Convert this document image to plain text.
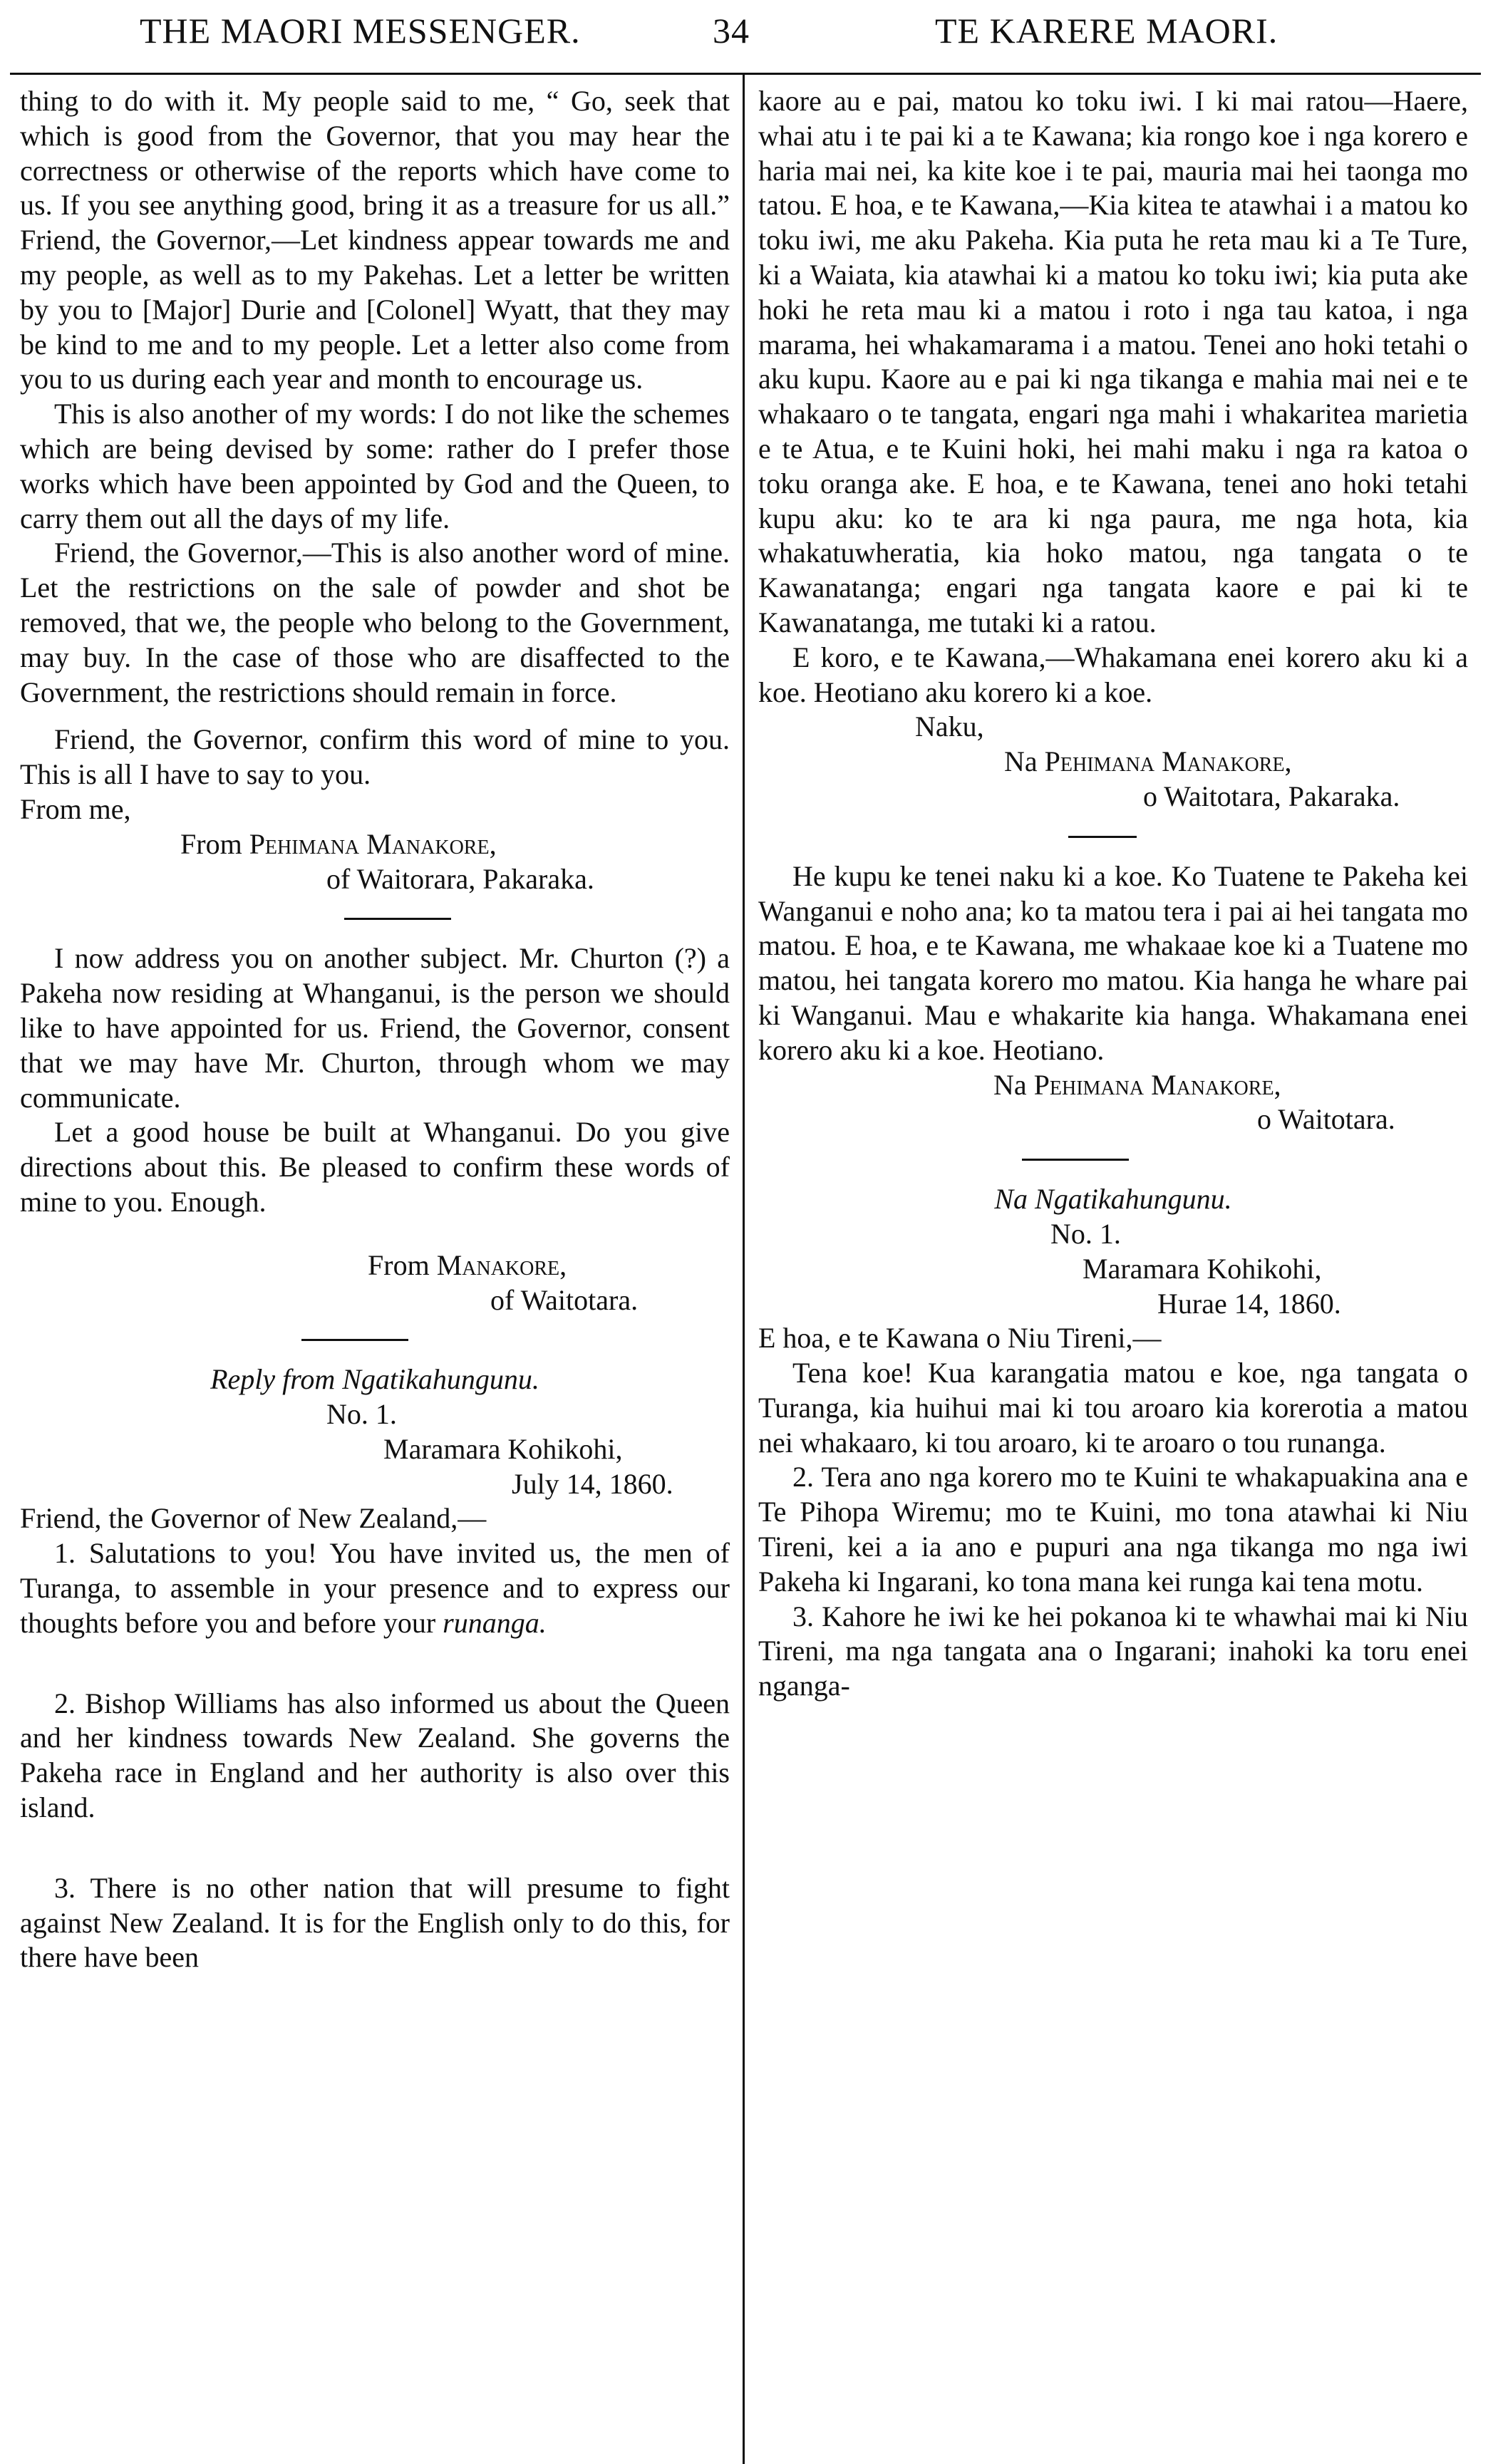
THE MAORI MESSENGER.	34	TE KARERE MAORI.

thing to do with it. My people said to me, “ Go, seek that which is good from the Governor, that you may hear the correctness or otherwise of the reports which have come to us. If you see anything good, bring it as a treasure for us all.” Friend, the Governor,—Let kindness appear towards me and my people, as well as to my Pakehas. Let a letter be written by you to [Major] Durie and [Colonel] Wyatt, that they may be kind to me and to my people. Let a letter also come from you to us during each year and month to encourage us.

This is also another of my words: I do not like the schemes which are being devised by some: rather do I prefer those works which have been appointed by God and the Queen, to carry them out all the days of my life.

Friend, the Governor,—This is also another word of mine. Let the restrictions on the sale of powder and shot be removed, that we, the people who belong to the Government, may buy. In the case of those who are disaffected to the Government, the restrictions should remain in force.

Friend, the Governor, confirm this word of mine to you. This is all I have to say to you.

From me,
From Pehimana Manakore,
of Waitorara, Pakaraka.

I now address you on another subject. Mr. Churton (?) a Pakeha now residing at Whanganui, is the person we should like to have appointed for us. Friend, the Governor, consent that we may have Mr. Churton, through whom we may communicate.

Let a good house be built at Whanganui. Do you give directions about this. Be pleased to confirm these words of mine to you. Enough.

From Manakore,
of Waitotara.
Reply from Ngatikahungunu.
No. 1.
Maramara Kohikohi,
July 14, 1860.
Friend, the Governor of New Zealand,—

1. Salutations to you! You have invited us, the men of Turanga, to assemble in your presence and to express our thoughts before you and before your runanga.

2. Bishop Williams has also informed us about the Queen and her kindness towards New Zealand. She governs the Pakeha race in England and her authority is also over this island.

3. There is no other nation that will presume to fight against New Zealand. It is for the English only to do this, for there have been

kaore au e pai, matou ko toku iwi. I ki mai ratou—Haere, whai atu i te pai ki a te Kawana; kia rongo koe i nga korero e haria mai nei, ka kite koe i te pai, mauria mai hei taonga mo tatou. E hoa, e te Kawana,—Kia kitea te atawhai i a matou ko toku iwi, me aku Pakeha. Kia puta he reta mau ki a Te Ture, ki a Waiata, kia atawhai ki a matou ko toku iwi; kia puta ake hoki he reta mau ki a matou i roto i nga tau katoa, i nga marama, hei whakamarama i a matou. Tenei ano hoki tetahi o aku kupu. Kaore au e pai ki nga tikanga e mahia mai nei e te whakaaro o te tangata, engari nga mahi i whakaritea marietia e te Atua, e te Kuini hoki, hei mahi maku i nga ra katoa o toku oranga ake. E hoa, e te Kawana, tenei ano hoki tetahi kupu aku: ko te ara ki nga paura, me nga hota, kia whakatuwheratia, kia hoko matou, nga tangata o te Kawanatanga; engari nga tangata kaore e pai ki te Kawanatanga, me tutaki ki a ratou.

E koro, e te Kawana,—Whakamana enei korero aku ki a koe. Heotiano aku korero ki a koe.

Naku,
Na Pehimana Manakore,
o Waitotara, Pakaraka.

He kupu ke tenei naku ki a koe. Ko Tuatene te Pakeha kei Wanganui e noho ana; ko ta matou tera i pai ai hei tangata mo matou. E hoa, e te Kawana, me whakaae koe ki a Tuatene mo matou, hei tangata korero mo matou. Kia hanga he whare pai ki Wanganui. Mau e whakarite kia hanga. Whakamana enei korero aku ki a koe. Heotiano.

Na Pehimana Manakore,
o Waitotara.
Na Ngatikahungunu.
No. 1.
Maramara Kohikohi,
Hurae 14, 1860.
E hoa, e te Kawana o Niu Tireni,—

Tena koe! Kua karangatia matou e koe, nga tangata o Turanga, kia huihui mai ki tou aroaro kia korerotia a matou nei whakaaro, ki tou aroaro, ki te aroaro o tou runanga.

2. Tera ano nga korero mo te Kuini te whakapuakina ana e Te Pihopa Wiremu; mo te Kuini, mo tona atawhai ki Niu Tireni, kei a ia ano e pupuri ana nga tikanga mo nga iwi Pakeha ki Ingarani, ko tona mana kei runga kai tena motu.

3. Kahore he iwi ke hei pokanoa ki te whawhai mai ki Niu Tireni, ma nga tangata ana o Ingarani; inahoki ka toru enei nganga-
